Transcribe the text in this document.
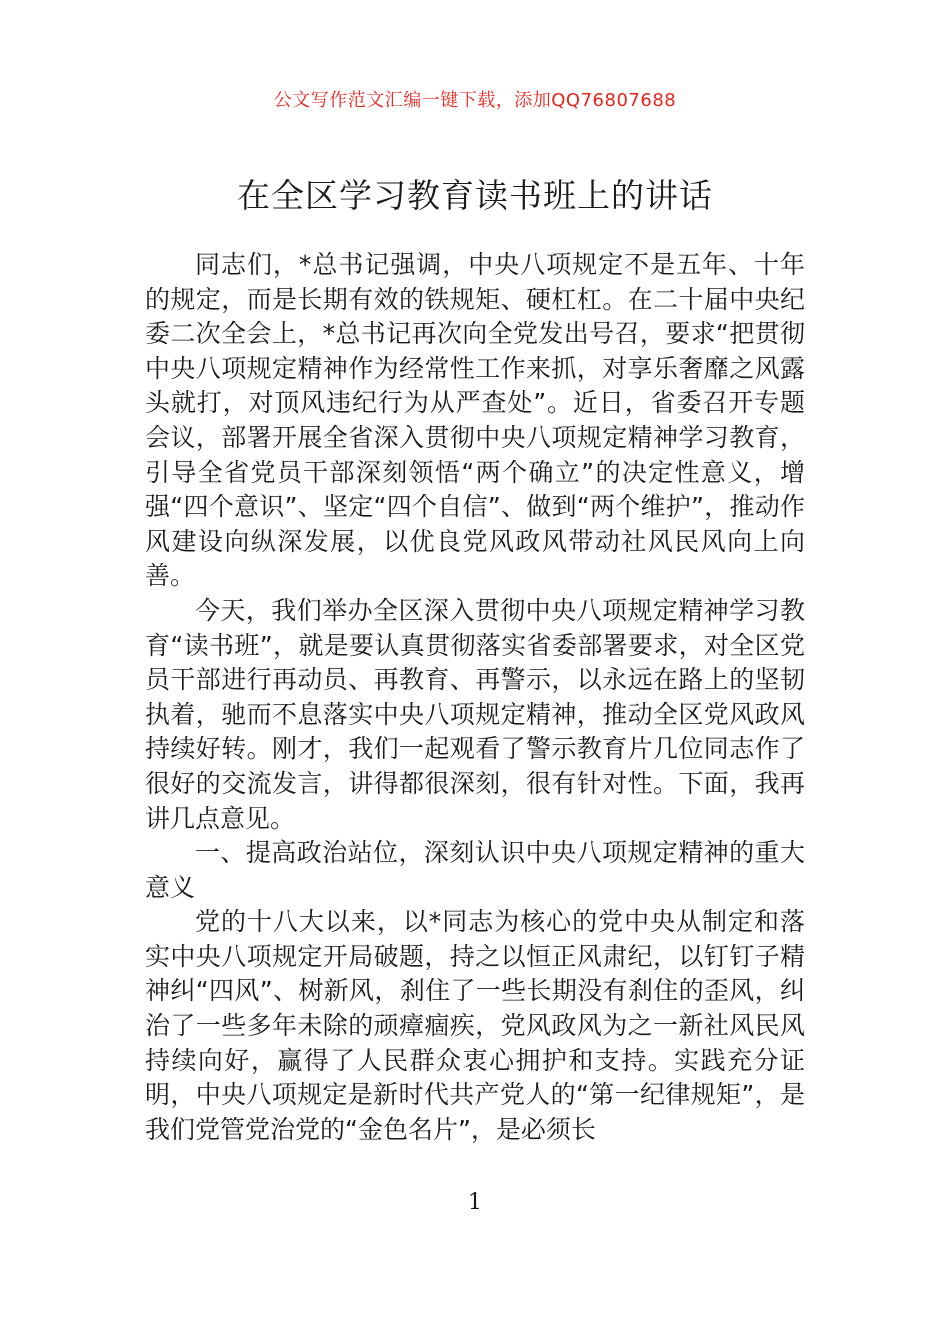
公文写作范文汇编一键下载，添加QQ76807688
在全区学习教育读书班上的讲话

同志们，*总书记强调，中央八项规定不是五年、十年的规定，而是长期有效的铁规矩、硬杠杠。在二十届中央纪委二次全会上，*总书记再次向全党发出号召，要求“把贯彻中央八项规定精神作为经常性工作来抓，对享乐奢靡之风露头就打，对顶风违纪行为从严查处”。近日，省委召开专题会议，部署开展全省深入贯彻中央八项规定精神学习教育，引导全省党员干部深刻领悟“两个确立”的决定性意义，增强“四个意识”、坚定“四个自信”、做到“两个维护”，推动作风建设向纵深发展，以优良党风政风带动社风民风向上向善。

今天，我们举办全区深入贯彻中央八项规定精神学习教育“读书班”，就是要认真贯彻落实省委部署要求，对全区党员干部进行再动员、再教育、再警示，以永远在路上的坚韧执着，驰而不息落实中央八项规定精神，推动全区党风政风持续好转。刚才，我们一起观看了警示教育片几位同志作了很好的交流发言，讲得都很深刻，很有针对性。下面，我再讲几点意见。

一、提高政治站位，深刻认识中央八项规定精神的重大意义

党的十八大以来，以*同志为核心的党中央从制定和落实中央八项规定开局破题，持之以恒正风肃纪，以钉钉子精神纠“四风”、树新风，刹住了一些长期没有刹住的歪风，纠治了一些多年未除的顽瘴痼疾，党风政风为之一新社风民风持续向好，赢得了人民群众衷心拥护和支持。实践充分证明，中央八项规定是新时代共产党人的“第一纪律规矩”，是我们党管党治党的“金色名片”，是必须长

1
